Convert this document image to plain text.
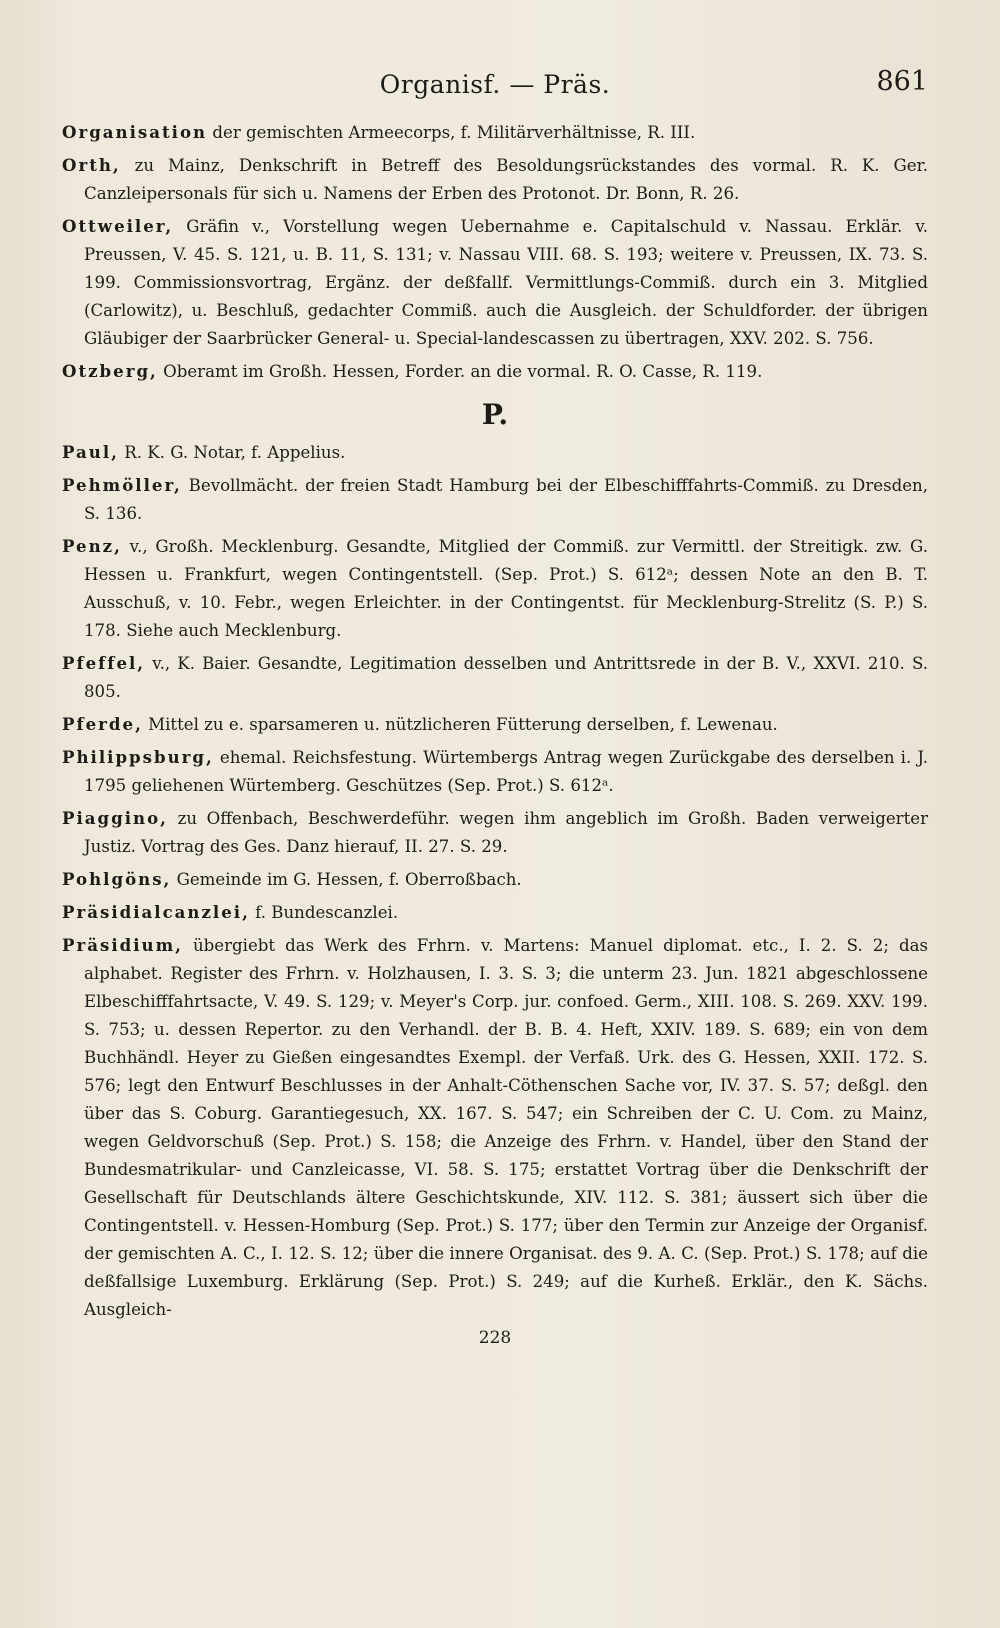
Organisf. — Präs.	861

Organisation der gemischten Armeecorps, f. Militärverhältnisse, R. III.

Orth, zu Mainz, Denkschrift in Betreff des Besoldungsrückstandes des vormal. R. K. Ger. Canzleipersonals für sich u. Namens der Erben des Protonot. Dr. Bonn, R. 26.

Ottweiler, Gräfin v., Vorstellung wegen Uebernahme e. Capitalschuld v. Nassau. Erklär. v. Preussen, V. 45. S. 121, u. B. 11, S. 131; v. Nassau VIII. 68. S. 193; weitere v. Preussen, IX. 73. S. 199. Commissionsvortrag, Ergänz. der deßfallf. Vermittlungs-Commiß. durch ein 3. Mitglied (Carlowitz), u. Beschluß, gedachter Commiß. auch die Ausgleich. der Schuldforder. der übrigen Gläubiger der Saarbrücker General- u. Special-landescassen zu übertragen, XXV. 202. S. 756.

Otzberg, Oberamt im Großh. Hessen, Forder. an die vormal. R. O. Casse, R. 119.

P.

Paul, R. K. G. Notar, f. Appelius.

Pehmöller, Bevollmächt. der freien Stadt Hamburg bei der Elbeschifffahrts-Commiß. zu Dresden, S. 136.

Penz, v., Großh. Mecklenburg. Gesandte, Mitglied der Commiß. zur Vermittl. der Streitigk. zw. G. Hessen u. Frankfurt, wegen Contingentstell. (Sep. Prot.) S. 612ᵃ; dessen Note an den B. T. Ausschuß, v. 10. Febr., wegen Erleichter. in der Contingentst. für Mecklenburg-Strelitz (S. P.) S. 178. Siehe auch Mecklenburg.

Pfeffel, v., K. Baier. Gesandte, Legitimation desselben und Antrittsrede in der B. V., XXVI. 210. S. 805.

Pferde, Mittel zu e. sparsameren u. nützlicheren Fütterung derselben, f. Lewenau.

Philippsburg, ehemal. Reichsfestung. Würtembergs Antrag wegen Zurückgabe des derselben i. J. 1795 geliehenen Würtemberg. Geschützes (Sep. Prot.) S. 612ᵃ.

Piaggino, zu Offenbach, Beschwerdeführ. wegen ihm angeblich im Großh. Baden verweigerter Justiz. Vortrag des Ges. Danz hierauf, II. 27. S. 29.

Pohlgöns, Gemeinde im G. Hessen, f. Oberroßbach.

Präsidialcanzlei, f. Bundescanzlei.

Präsidium, übergiebt das Werk des Frhrn. v. Martens: Manuel diplomat. etc., I. 2. S. 2; das alphabet. Register des Frhrn. v. Holzhausen, I. 3. S. 3; die unterm 23. Jun. 1821 abgeschlossene Elbeschifffahrtsacte, V. 49. S. 129; v. Meyer's Corp. jur. confoed. Germ., XIII. 108. S. 269. XXV. 199. S. 753; u. dessen Repertor. zu den Verhandl. der B. B. 4. Heft, XXIV. 189. S. 689; ein von dem Buchhändl. Heyer zu Gießen eingesandtes Exempl. der Verfaß. Urk. des G. Hessen, XXII. 172. S. 576; legt den Entwurf Beschlusses in der Anhalt-Cöthenschen Sache vor, IV. 37. S. 57; deßgl. den über das S. Coburg. Garantiegesuch, XX. 167. S. 547; ein Schreiben der C. U. Com. zu Mainz, wegen Geldvorschuß (Sep. Prot.) S. 158; die Anzeige des Frhrn. v. Handel, über den Stand der Bundesmatrikular- und Canzleicasse, VI. 58. S. 175; erstattet Vortrag über die Denkschrift der Gesellschaft für Deutschlands ältere Geschichtskunde, XIV. 112. S. 381; äussert sich über die Contingentstell. v. Hessen-Homburg (Sep. Prot.) S. 177; über den Termin zur Anzeige der Organisf. der gemischten A. C., I. 12. S. 12; über die innere Organisat. des 9. A. C. (Sep. Prot.) S. 178; auf die deßfallsige Luxemburg. Erklärung (Sep. Prot.) S. 249; auf die Kurheß. Erklär., den K. Sächs. Ausgleich-

228
